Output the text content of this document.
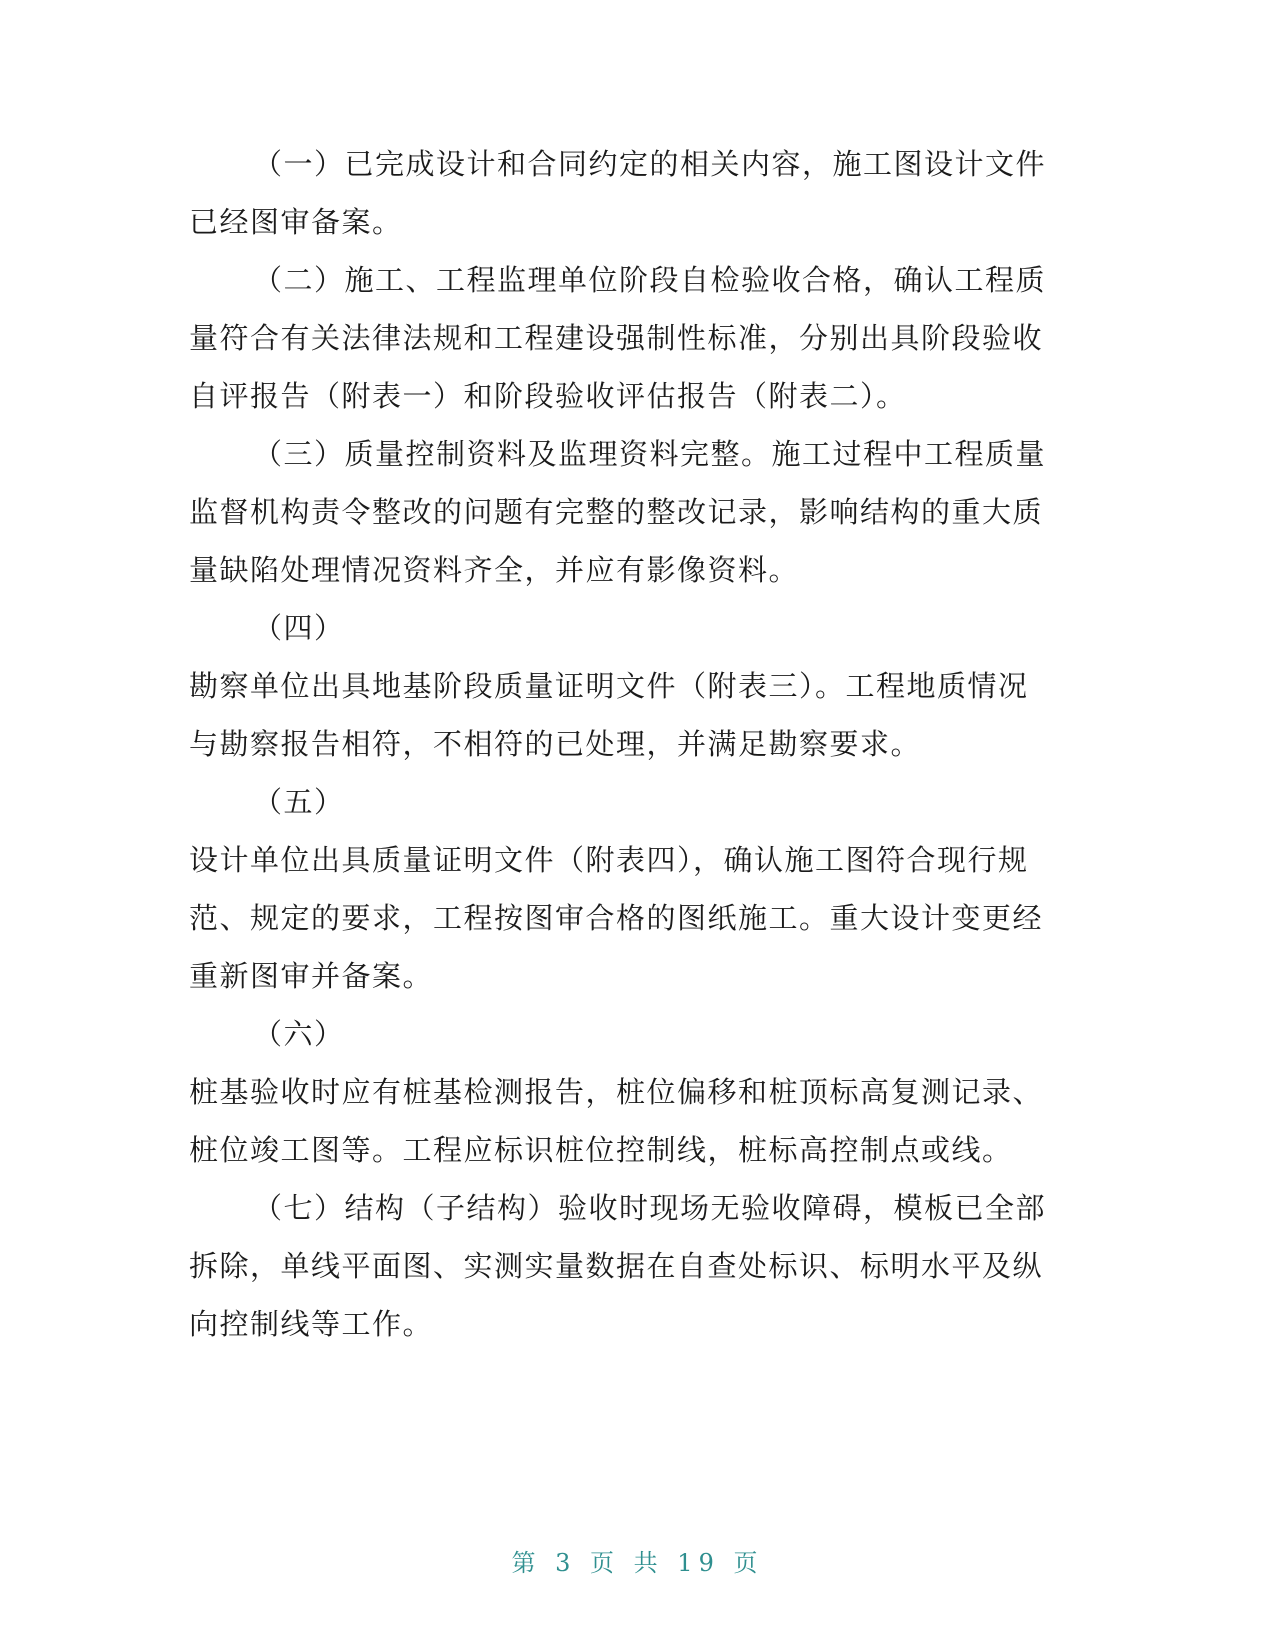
（一）已完成设计和合同约定的相关内容，施工图设计文件
已经图审备案。
（二）施工、工程监理单位阶段自检验收合格，确认工程质
量符合有关法律法规和工程建设强制性标准，分别出具阶段验收
自评报告（附表一）和阶段验收评估报告（附表二）。
（三）质量控制资料及监理资料完整。施工过程中工程质量
监督机构责令整改的问题有完整的整改记录，影响结构的重大质
量缺陷处理情况资料齐全，并应有影像资料。
（四）
勘察单位出具地基阶段质量证明文件（附表三）。工程地质情况
与勘察报告相符，不相符的已处理，并满足勘察要求。
（五）
设计单位出具质量证明文件（附表四），确认施工图符合现行规
范、规定的要求，工程按图审合格的图纸施工。重大设计变更经
重新图审并备案。
（六）
桩基验收时应有桩基检测报告，桩位偏移和桩顶标高复测记录、
桩位竣工图等。工程应标识桩位控制线，桩标高控制点或线。
（七）结构（子结构）验收时现场无验收障碍，模板已全部
拆除，单线平面图、实测实量数据在自查处标识、标明水平及纵
向控制线等工作。
第 3 页 共 19 页
